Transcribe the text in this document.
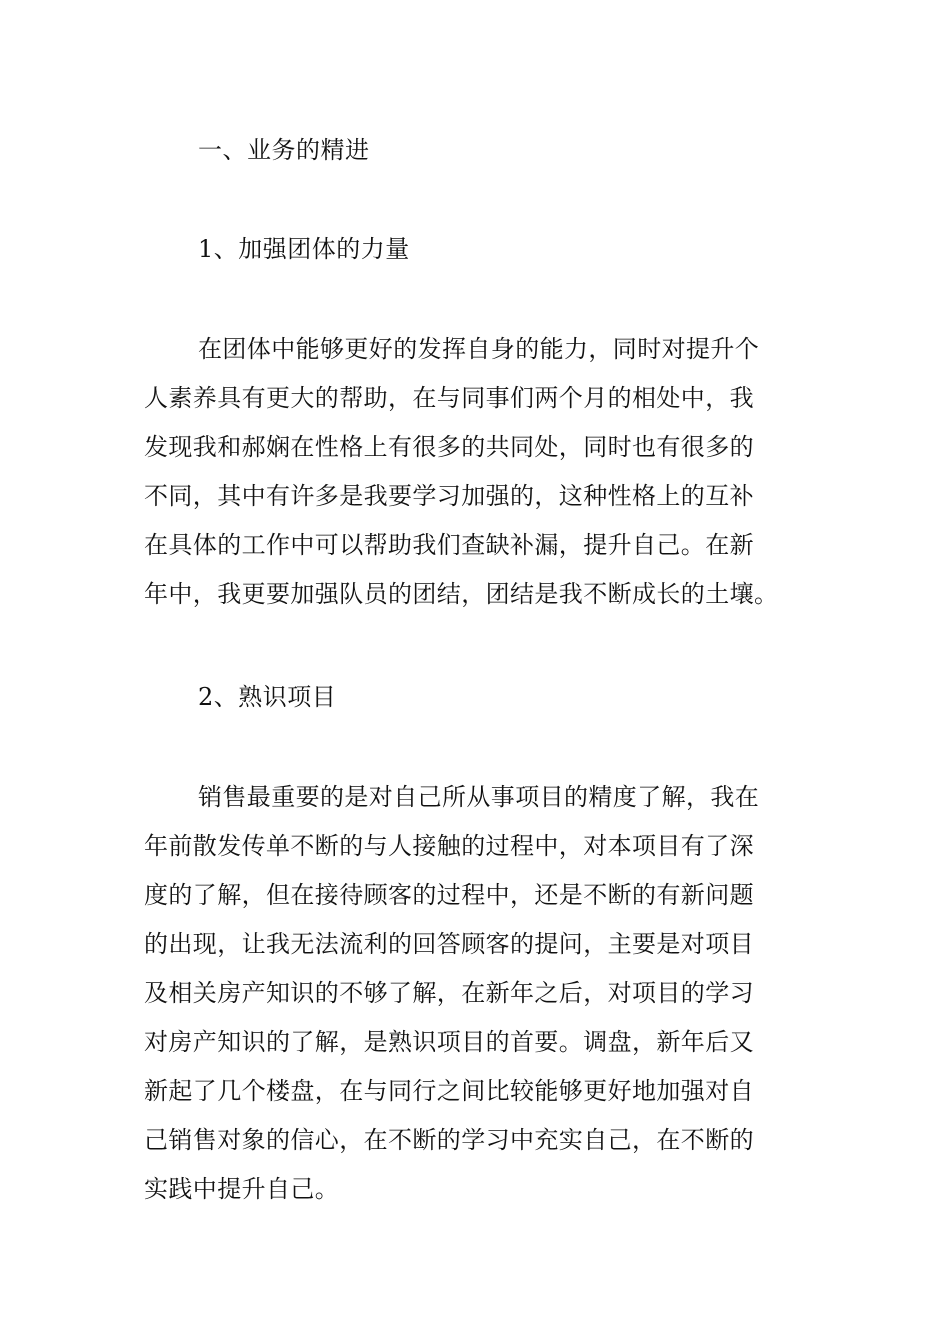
一、业务的精进
1、加强团体的力量
在团体中能够更好的发挥自身的能力，同时对提升个
人素养具有更大的帮助，在与同事们两个月的相处中，我
发现我和郝娴在性格上有很多的共同处，同时也有很多的
不同，其中有许多是我要学习加强的，这种性格上的互补
在具体的工作中可以帮助我们查缺补漏，提升自己。在新
年中，我更要加强队员的团结，团结是我不断成长的土壤。
2、熟识项目
销售最重要的是对自己所从事项目的精度了解，我在
年前散发传单不断的与人接触的过程中，对本项目有了深
度的了解，但在接待顾客的过程中，还是不断的有新问题
的出现，让我无法流利的回答顾客的提问，主要是对项目
及相关房产知识的不够了解，在新年之后，对项目的学习
对房产知识的了解，是熟识项目的首要。调盘，新年后又
新起了几个楼盘，在与同行之间比较能够更好地加强对自
己销售对象的信心，在不断的学习中充实自己，在不断的
实践中提升自己。
